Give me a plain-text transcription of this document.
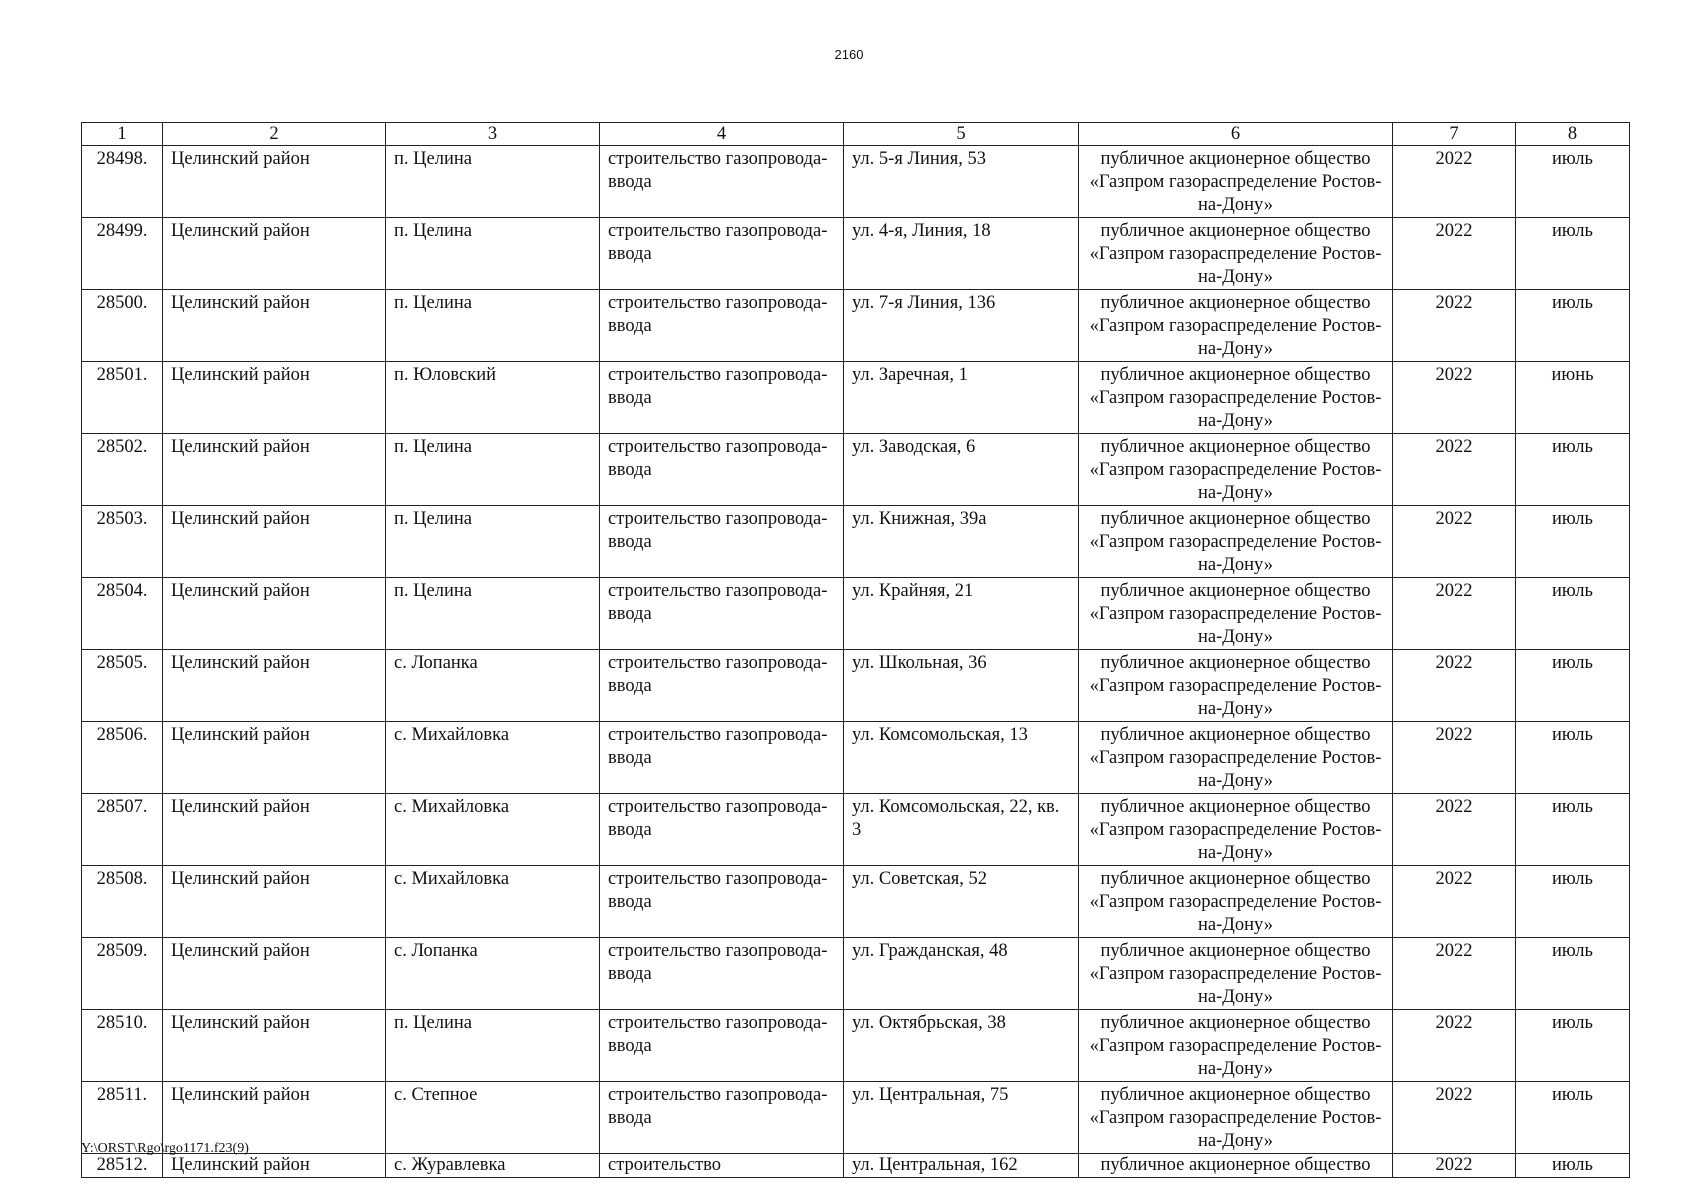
2160
1	2	3	4	5	6	7	8
28498.	Целинский район	п. Целина	строительство газопровода-ввода	ул. 5-я Линия, 53	публичное акционерное общество «Газпром газораспределение Ростов-на-Дону»	2022	июль
28499.	Целинский район	п. Целина	строительство газопровода-ввода	ул. 4-я, Линия, 18	публичное акционерное общество «Газпром газораспределение Ростов-на-Дону»	2022	июль
28500.	Целинский район	п. Целина	строительство газопровода-ввода	ул. 7-я Линия, 136	публичное акционерное общество «Газпром газораспределение Ростов-на-Дону»	2022	июль
28501.	Целинский район	п. Юловский	строительство газопровода-ввода	ул. Заречная, 1	публичное акционерное общество «Газпром газораспределение Ростов-на-Дону»	2022	июнь
28502.	Целинский район	п. Целина	строительство газопровода-ввода	ул. Заводская, 6	публичное акционерное общество «Газпром газораспределение Ростов-на-Дону»	2022	июль
28503.	Целинский район	п. Целина	строительство газопровода-ввода	ул. Книжная, 39а	публичное акционерное общество «Газпром газораспределение Ростов-на-Дону»	2022	июль
28504.	Целинский район	п. Целина	строительство газопровода-ввода	ул. Крайняя, 21	публичное акционерное общество «Газпром газораспределение Ростов-на-Дону»	2022	июль
28505.	Целинский район	с. Лопанка	строительство газопровода-ввода	ул. Школьная, 36	публичное акционерное общество «Газпром газораспределение Ростов-на-Дону»	2022	июль
28506.	Целинский район	с. Михайловка	строительство газопровода-ввода	ул. Комсомольская, 13	публичное акционерное общество «Газпром газораспределение Ростов-на-Дону»	2022	июль
28507.	Целинский район	с. Михайловка	строительство газопровода-ввода	ул. Комсомольская, 22, кв. 3	публичное акционерное общество «Газпром газораспределение Ростов-на-Дону»	2022	июль
28508.	Целинский район	с. Михайловка	строительство газопровода-ввода	ул. Советская, 52	публичное акционерное общество «Газпром газораспределение Ростов-на-Дону»	2022	июль
28509.	Целинский район	с. Лопанка	строительство газопровода-ввода	ул. Гражданская, 48	публичное акционерное общество «Газпром газораспределение Ростов-на-Дону»	2022	июль
28510.	Целинский район	п. Целина	строительство газопровода-ввода	ул. Октябрьская, 38	публичное акционерное общество «Газпром газораспределение Ростов-на-Дону»	2022	июль
28511.	Целинский район	с. Степное	строительство газопровода-ввода	ул. Центральная, 75	публичное акционерное общество «Газпром газораспределение Ростов-на-Дону»	2022	июль
28512.	Целинский район	с. Журавлевка	строительство	ул. Центральная, 162	публичное акционерное общество	2022	июль
Y:\ORST\Rgo\rgo1171.f23(9)
